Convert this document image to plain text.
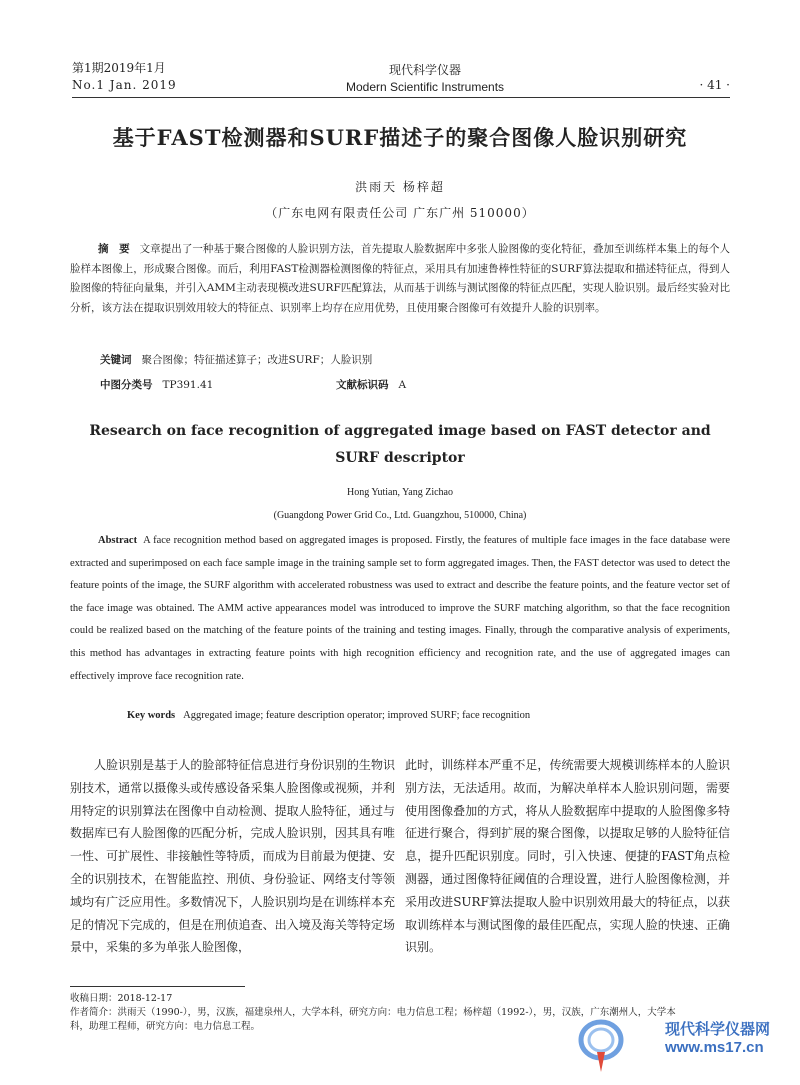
第1期2019年1月
No.1 Jan. 2019
现代科学仪器
Modern Scientific Instruments	· 41 ·
基于FAST检测器和SURF描述子的聚合图像人脸识别研究
洪雨天 杨梓超
（广东电网有限责任公司 广东广州 510000）
摘　要 文章提出了一种基于聚合图像的人脸识别方法，首先提取人脸数据库中多张人脸图像的变化特征，叠加至训练样本集上的每个人脸样本图像上，形成聚合图像。而后，利用FAST检测器检测图像的特征点，采用具有加速鲁棒性特征的SURF算法提取和描述特征点，得到人脸图像的特征向量集，并引入AMM主动表现模改进SURF匹配算法，从而基于训练与测试图像的特征点匹配，实现人脸识别。最后经实验对比分析，该方法在提取识别效用较大的特征点、识别率上均存在应用优势，且使用聚合图像可有效提升人脸的识别率。
关键词 聚合图像；特征描述算子；改进SURF；人脸识别
中图分类号 TP391.41	文献标识码 A
Research on face recognition of aggregated image based on FAST detector and SURF descriptor
Hong Yutian, Yang Zichao
(Guangdong Power Grid Co., Ltd. Guangzhou, 510000, China)
Abstract A face recognition method based on aggregated images is proposed. Firstly, the features of multiple face images in the face database were extracted and superimposed on each face sample image in the training sample set to form aggregated images. Then, the FAST detector was used to detect the feature points of the image, the SURF algorithm with accelerated robustness was used to extract and describe the feature points, and the feature vector set of the face image was obtained. The AMM active appearances model was introduced to improve the SURF matching algorithm, so that the face recognition could be realized based on the matching of the feature points of the training and testing images. Finally, through the comparative analysis of experiments, this method has advantages in extracting feature points with high recognition efficiency and recognition rate, and the use of aggregated images can effectively improve face recognition rate.
Key words Aggregated image; feature description operator; improved SURF; face recognition
人脸识别是基于人的脸部特征信息进行身份识别的生物识别技术，通常以摄像头或传感设备采集人脸图像或视频，并利用特定的识别算法在图像中自动检测、提取人脸特征，通过与数据库已有人脸图像的匹配分析，完成人脸识别，因其具有唯一性、可扩展性、非接触性等特质，而成为目前最为便捷、安全的识别技术，在智能监控、刑侦、身份验证、网络支付等领域均有广泛应用性。多数情况下，人脸识别均是在训练样本充足的情况下完成的，但是在刑侦追查、出入境及海关等特定场景中，采集的多为单张人脸图像，
此时，训练样本严重不足，传统需要大规模训练样本的人脸识别方法，无法适用。故而，为解决单样本人脸识别问题，需要使用图像叠加的方式，将从人脸数据库中提取的人脸图像多特征进行聚合，得到扩展的聚合图像，以提取足够的人脸特征信息，提升匹配识别度。同时，引入快速、便捷的FAST角点检测器，通过图像特征阈值的合理设置，进行人脸图像检测，并采用改进SURF算法提取人脸中识别效用最大的特征点，以获取训练样本与测试图像的最佳匹配点，实现人脸的快速、正确识别。
收稿日期：2018-12-17
作者简介：洪雨天（1990-），男，汉族，福建泉州人，大学本科，研究方向：电力信息工程；杨梓超（1992-），男，汉族，广东潮州人，大学本科，助理工程师，研究方向：电力信息工程。	现代科学仪器网
www.ms17.cn
